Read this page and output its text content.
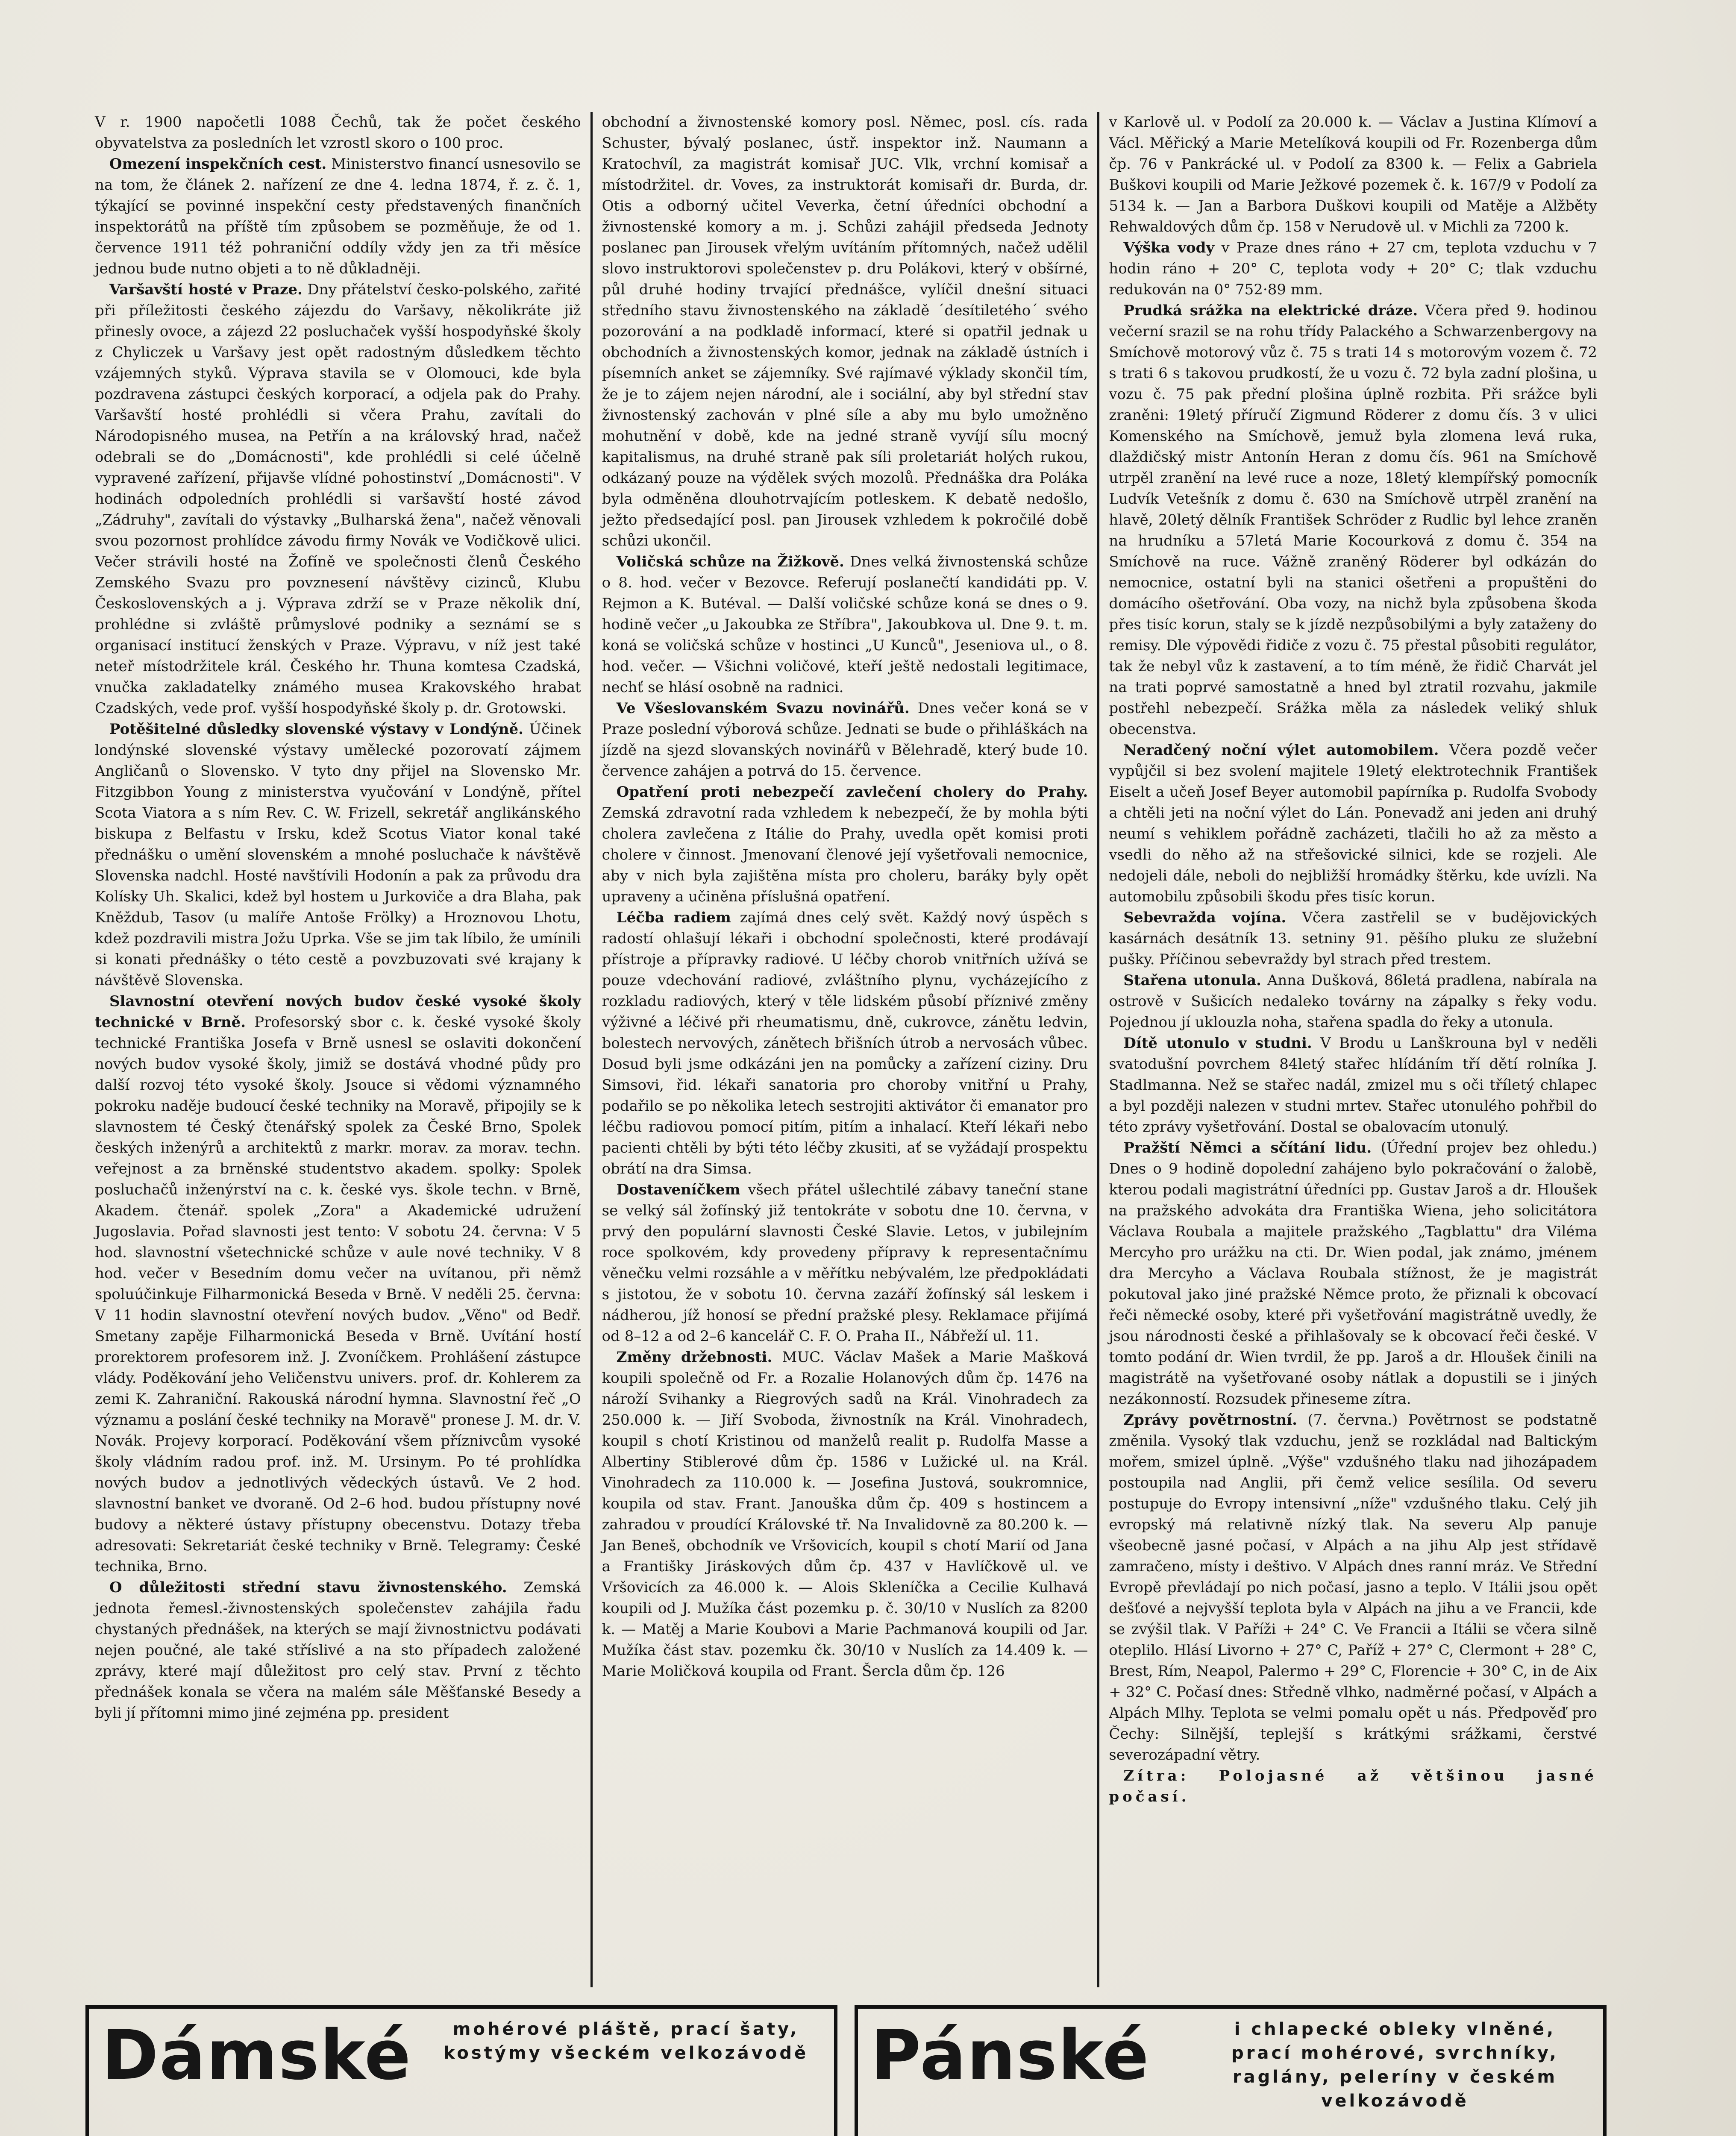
V r. 1900 napočetli 1088 Čechů, tak že počet českého obyvatelstva za posledních let vzrostl skoro o 100 proc.

Omezení inspekčních cest. Ministerstvo financí usnesovilo se na tom, že článek 2. nařízení ze dne 4. ledna 1874, ř. z. č. 1, týkající se povinné inspekční cesty představených finančních inspektorátů na příště tím způsobem se pozměňuje, že od 1. července 1911 též pohraniční oddíly vždy jen za tři měsíce jednou bude nutno objeti a to ně důkladněji.

Varšavští hosté v Praze. Dny přátelství česko-polského, zařité při příležitosti českého zájezdu do Varšavy, několikráte již přinesly ovoce, a zájezd 22 posluchaček vyšší hospodyňské školy z Chyliczek u Varšavy jest opět radostným důsledkem těchto vzájemných styků. Výprava stavila se v Olomouci, kde byla pozdravena zástupci českých korporací, a odjela pak do Prahy. Varšavští hosté prohlédli si včera Prahu, zavítali do Národopisného musea, na Petřín a na královský hrad, načež odebrali se do „Domácnosti", kde prohlédli si celé účelně vypravené zařízení, přijavše vlídné pohostinství „Domácnosti". V hodinách odpoledních prohlédli si varšavští hosté závod „Zádruhy", zavítali do výstavky „Bulharská žena", načež věnovali svou pozornost prohlídce závodu firmy Novák ve Vodičkově ulici. Večer strávili hosté na Žofíně ve společnosti členů Českého Zemského Svazu pro povznesení návštěvy cizinců, Klubu Československých a j. Výprava zdrží se v Praze několik dní, prohlédne si zvláště průmyslové podniky a seznámí se s organisací institucí ženských v Praze. Výpravu, v níž jest také neteř místodržitele král. Českého hr. Thuna komtesa Czadská, vnučka zakladatelky známého musea Krakovského hrabat Czadských, vede prof. vyšší hospodyňské školy p. dr. Grotowski.

Potěšitelné důsledky slovenské výstavy v Londýně. Účinek londýnské slovenské výstavy umělecké pozorovatí zájmem Angličanů o Slovensko. V tyto dny přijel na Slovensko Mr. Fitzgibbon Young z ministerstva vyučování v Londýně, přítel Scota Viatora a s ním Rev. C. W. Frizell, sekretář anglikánského biskupa z Belfastu v Irsku, kdež Scotus Viator konal také přednášku o umění slovenském a mnohé posluchače k návštěvě Slovenska nadchl. Hosté navštívili Hodonín a pak za průvodu dra Kolísky Uh. Skalici, kdež byl hostem u Jurkoviče a dra Blaha, pak Kněždub, Tasov (u malíře Antoše Frölky) a Hroznovou Lhotu, kdež pozdravili mistra Jožu Uprka. Vše se jim tak líbilo, že umínili si konati přednášky o této cestě a povzbuzovati své krajany k návštěvě Slovenska.

Slavnostní otevření nových budov české vysoké školy technické v Brně. Profesorský sbor c. k. české vysoké školy technické Františka Josefa v Brně usnesl se oslaviti dokončení nových budov vysoké školy, jimiž se dostává vhodné půdy pro další rozvoj této vysoké školy. Jsouce si vědomi významného pokroku naděje budoucí české techniky na Moravě, připojily se k slavnostem té Český čtenářský spolek za České Brno, Spolek českých inženýrů a architektů z markr. morav. za morav. techn. veřejnost a za brněnské studentstvo akadem. spolky: Spolek posluchačů inženýrství na c. k. české vys. škole techn. v Brně, Akadem. čtenář. spolek „Zora" a Akademické udružení Jugoslavia. Pořad slavnosti jest tento: V sobotu 24. června: V 5 hod. slavnostní všetechnické schůze v aule nové techniky. V 8 hod. večer v Besedním domu večer na uvítanou, při němž spoluúčinkuje Filharmonická Beseda v Brně. V neděli 25. června: V 11 hodin slavnostní otevření nových budov. „Věno" od Bedř. Smetany zapěje Filharmonická Beseda v Brně. Uvítání hostí prorektorem profesorem inž. J. Zvoníčkem. Prohlášení zástupce vlády. Poděkování jeho Veličenstvu univers. prof. dr. Kohlerem za zemi K. Zahraniční. Rakouská národní hymna. Slavnostní řeč „O významu a poslání české techniky na Moravě" pronese J. M. dr. V. Novák. Projevy korporací. Poděkování všem příznivcům vysoké školy vládním radou prof. inž. M. Ursinym. Po té prohlídka nových budov a jednotlivých vědeckých ústavů. Ve 2 hod. slavnostní banket ve dvoraně. Od 2–6 hod. budou přístupny nové budovy a některé ústavy přístupny obecenstvu. Dotazy třeba adresovati: Sekretariát české techniky v Brně. Telegramy: České technika, Brno.

O důležitosti střední stavu živnostenského. Zemská jednota řemesl.-živnostenských společenstev zahájila řadu chystaných přednášek, na kterých se mají živnostnictvu podávati nejen poučné, ale také stříslivé a na sto případech založené zprávy, které mají důležitost pro celý stav. První z těchto přednášek konala se včera na malém sále Měšťanské Besedy a byli jí přítomni mimo jiné zejména pp. president

obchodní a živnostenské komory posl. Němec, posl. cís. rada Schuster, bývalý poslanec, ústř. inspektor inž. Naumann a Kratochvíl, za magistrát komisař JUC. Vlk, vrchní komisař a místodržitel. dr. Voves, za instruktorát komisaři dr. Burda, dr. Otis a odborný učitel Veverka, četní úředníci obchodní a živnostenské komory a m. j. Schůzi zahájil předseda Jednoty poslanec pan Jirousek vřelým uvítáním přítomných, načež udělil slovo instruktorovi společenstev p. dru Polákovi, který v obšírné, půl druhé hodiny trvající přednášce, vylíčil dnešní situaci středního stavu živnostenského na základě ´desítiletého´ svého pozorování a na podkladě informací, které si opatřil jednak u obchodních a živnostenských komor, jednak na základě ústních i písemních anket se zájemníky. Své rajímavé výklady skončil tím, že je to zájem nejen národní, ale i sociální, aby byl střední stav živnostenský zachován v plné síle a aby mu bylo umožněno mohutnění v době, kde na jedné straně vyvíjí sílu mocný kapitalismus, na druhé straně pak síli proletariát holých rukou, odkázaný pouze na výdělek svých mozolů. Přednáška dra Poláka byla odměněna dlouhotrvajícím potleskem. K debatě nedošlo, ježto předsedající posl. pan Jirousek vzhledem k pokročilé době schůzi ukončil.

Voličská schůze na Žižkově. Dnes velká živnostenská schůze o 8. hod. večer v Bezovce. Referují poslanečtí kandidáti pp. V. Rejmon a K. Butéval. — Další voličské schůze koná se dnes o 9. hodině večer „u Jakoubka ze Stříbra", Jakoubkova ul. Dne 9. t. m. koná se voličská schůze v hostinci „U Kunců", Jeseniova ul., o 8. hod. večer. — Všichni voličové, kteří ještě nedostali legitimace, nechť se hlásí osobně na radnici.

Ve Všeslovanském Svazu novinářů. Dnes večer koná se v Praze poslední výborová schůze. Jednati se bude o přihláškách na jízdě na sjezd slovanských novinářů v Bělehradě, který bude 10. července zahájen a potrvá do 15. července.

Opatření proti nebezpečí zavlečení cholery do Prahy. Zemská zdravotní rada vzhledem k nebezpečí, že by mohla býti cholera zavlečena z Itálie do Prahy, uvedla opět komisi proti cholere v činnost. Jmenovaní členové její vyšetřovali nemocnice, aby v nich byla zajištěna místa pro choleru, baráky byly opět upraveny a učiněna příslušná opatření.

Léčba radiem zajímá dnes celý svět. Každý nový úspěch s radostí ohlašují lékaři i obchodní společnosti, které prodávají přístroje a přípravky radiové. U léčby chorob vnitřních užívá se pouze vdechování radiové, zvláštního plynu, vycházejícího z rozkladu radiových, který v těle lidském působí příznivé změny výživné a léčivé při rheumatismu, dně, cukrovce, zánětu ledvin, bolestech nervových, zánětech břišních útrob a nervosách vůbec. Dosud byli jsme odkázáni jen na pomůcky a zařízení ciziny. Dru Simsovi, řid. lékaři sanatoria pro choroby vnitřní u Prahy, podařilo se po několika letech sestrojiti aktivátor či emanator pro léčbu radiovou pomocí pitím, pitím a inhalací. Kteří lékaři nebo pacienti chtěli by býti této léčby zkusiti, ať se vyžádají prospektu obrátí na dra Simsa.

Dostaveníčkem všech přátel ušlechtilé zábavy taneční stane se velký sál žofínský již tentokráte v sobotu dne 10. června, v prvý den populární slavnosti České Slavie. Letos, v jubilejním roce spolkovém, kdy provedeny přípravy k representačnímu věnečku velmi rozsáhle a v měřítku nebývalém, lze předpokládati s jistotou, že v sobotu 10. června zazáří žofínský sál leskem i nádherou, jíž honosí se přední pražské plesy. Reklamace přijímá od 8–12 a od 2–6 kancelář C. F. O. Praha II., Nábřeží ul. 11.

Změny držebnosti. MUC. Václav Mašek a Marie Mašková koupili společně od Fr. a Rozalie Holanových dům čp. 1476 na nároží Svihanky a Riegrových sadů na Král. Vinohradech za 250.000 k. — Jiří Svoboda, živnostník na Král. Vinohradech, koupil s chotí Kristinou od manželů realit p. Rudolfa Masse a Albertiny Stiblerové dům čp. 1586 v Lužické ul. na Král. Vinohradech za 110.000 k. — Josefina Justová, soukromnice, koupila od stav. Frant. Janouška dům čp. 409 s hostincem a zahradou v proudící Královské tř. Na Invalidovně za 80.200 k. — Jan Beneš, obchodník ve Vršovicích, koupil s chotí Marií od Jana a Františky Jiráskových dům čp. 437 v Havlíčkově ul. ve Vršovicích za 46.000 k. — Alois Skleníčka a Cecilie Kulhavá koupili od J. Mužíka část pozemku p. č. 30/10 v Nuslích za 8200 k. — Matěj a Marie Koubovi a Marie Pachmanová koupili od Jar. Mužíka část stav. pozemku čk. 30/10 v Nuslích za 14.409 k. — Marie Moličková koupila od Frant. Šercla dům čp. 126

v Karlově ul. v Podolí za 20.000 k. — Václav a Justina Klímoví a Václ. Měřický a Marie Metelíková koupili od Fr. Rozenberga dům čp. 76 v Pankrácké ul. v Podolí za 8300 k. — Felix a Gabriela Buškovi koupili od Marie Ježkové pozemek č. k. 167/9 v Podolí za 5134 k. — Jan a Barbora Duškovi koupili od Matěje a Alžběty Rehwaldových dům čp. 158 v Nerudově ul. v Michli za 7200 k.

Výška vody v Praze dnes ráno + 27 cm, teplota vzduchu v 7 hodin ráno + 20° C, teplota vody + 20° C; tlak vzduchu redukován na 0° 752·89 mm.

Prudká srážka na elektrické dráze. Včera před 9. hodinou večerní srazil se na rohu třídy Palackého a Schwarzenbergovy na Smíchově motorový vůz č. 75 s trati 14 s motorovým vozem č. 72 s trati 6 s takovou prudkostí, že u vozu č. 72 byla zadní plošina, u vozu č. 75 pak přední plošina úplně rozbita. Při srážce byli zraněni: 19letý příručí Zigmund Röderer z domu čís. 3 v ulici Komenského na Smíchově, jemuž byla zlomena levá ruka, dlaždičský mistr Antonín Heran z domu čís. 961 na Smíchově utrpěl zranění na levé ruce a noze, 18letý klempířský pomocník Ludvík Vetešník z domu č. 630 na Smíchově utrpěl zranění na hlavě, 20letý dělník František Schröder z Rudlic byl lehce zraněn na hrudníku a 57letá Marie Kocourková z domu č. 354 na Smíchově na ruce. Vážně zraněný Röderer byl odkázán do nemocnice, ostatní byli na stanici ošetřeni a propuštěni do domácího ošetřování. Oba vozy, na nichž byla způsobena škoda přes tisíc korun, staly se k jízdě nezpůsobilými a byly zataženy do remisy. Dle výpovědi řidiče z vozu č. 75 přestal působiti regulátor, tak že nebyl vůz k zastavení, a to tím méně, že řidič Charvát jel na trati poprvé samostatně a hned byl ztratil rozvahu, jakmile postřehl nebezpečí. Srážka měla za následek veliký shluk obecenstva.

Neradčený noční výlet automobilem. Včera pozdě večer vypůjčil si bez svolení majitele 19letý elektrotechnik František Eiselt a učeň Josef Beyer automobil papírníka p. Rudolfa Svobody a chtěli jeti na noční výlet do Lán. Ponevadž ani jeden ani druhý neumí s vehiklem pořádně zacházeti, tlačili ho až za město a vsedli do něho až na střešovické silnici, kde se rozjeli. Ale nedojeli dále, neboli do nejbližší hromádky štěrku, kde uvízli. Na automobilu způsobili škodu přes tisíc korun.

Sebevražda vojína. Včera zastřelil se v budějovických kasárnách desátník 13. setniny 91. pěšího pluku ze služební pušky. Příčinou sebevraždy byl strach před trestem.

Stařena utonula. Anna Dušková, 86letá pradlena, nabírala na ostrově v Sušicích nedaleko továrny na zápalky s řeky vodu. Pojednou jí uklouzla noha, stařena spadla do řeky a utonula.

Dítě utonulo v studni. V Brodu u Lanškrouna byl v neděli svatodušní povrchem 84letý stařec hlídáním tří dětí rolníka J. Stadlmanna. Než se stařec nadál, zmizel mu s oči tříletý chlapec a byl později nalezen v studni mrtev. Stařec utonulého pohřbil do této zprávy vyšetřování. Dostal se obalovacím utonulý.

Pražští Němci a sčítání lidu. (Úřední projev bez ohledu.) Dnes o 9 hodině dopolední zahájeno bylo pokračování o žalobě, kterou podali magistrátní úředníci pp. Gustav Jaroš a dr. Hloušek na pražského advokáta dra Františka Wiena, jeho solicitátora Václava Roubala a majitele pražského „Tagblattu" dra Viléma Mercyho pro urážku na cti. Dr. Wien podal, jak známo, jménem dra Mercyho a Václava Roubala stížnost, že je magistrát pokutoval jako jiné pražské Němce proto, že přiznali k obcovací řeči německé osoby, které při vyšetřování magistrátně uvedly, že jsou národnosti české a přihlašovaly se k obcovací řeči české. V tomto podání dr. Wien tvrdil, že pp. Jaroš a dr. Hloušek činili na magistrátě na vyšetřované osoby nátlak a dopustili se i jiných nezákonností. Rozsudek přineseme zítra.

Zprávy povětrnostní. (7. června.) Povětrnost se podstatně změnila. Vysoký tlak vzduchu, jenž se rozkládal nad Baltickým mořem, smizel úplně. „Výše" vzdušného tlaku nad jihozápadem postoupila nad Anglii, při čemž velice sesílila. Od severu postupuje do Evropy intensivní „níže" vzdušného tlaku. Celý jih evropský má relativně nízký tlak. Na severu Alp panuje všeobecně jasné počasí, v Alpách a na jihu Alp jest střídavě zamračeno, místy i deštivo. V Alpách dnes ranní mráz. Ve Střední Evropě převládají po nich počasí, jasno a teplo. V Itálii jsou opět dešťové a nejvyšší teplota byla v Alpách na jihu a ve Francii, kde se zvýšil tlak. V Paříži + 24° C. Ve Francii a Itálii se včera silně oteplilo. Hlásí Livorno + 27° C, Paříž + 27° C, Clermont + 28° C, Brest, Rím, Neapol, Palermo + 29° C, Florencie + 30° C, in de Aix + 32° C. Počasí dnes: Středně vlhko, nadměrné počasí, v Alpách a Alpách Mlhy. Teplota se velmi pomalu opět u nás. Předpověď pro Čechy: Silnější, teplejší s krátkými srážkami, čerstvé severozápadní větry.

Zítra: Polojasné až většinou jasné počasí.

Dámské	mohérové pláště, prací šaty, kostýmy všeckém velkozávodě Pánské	i chlapecké obleky vlněné, prací mohérové, svrchníky, raglány, peleríny v českém velkozávodě
